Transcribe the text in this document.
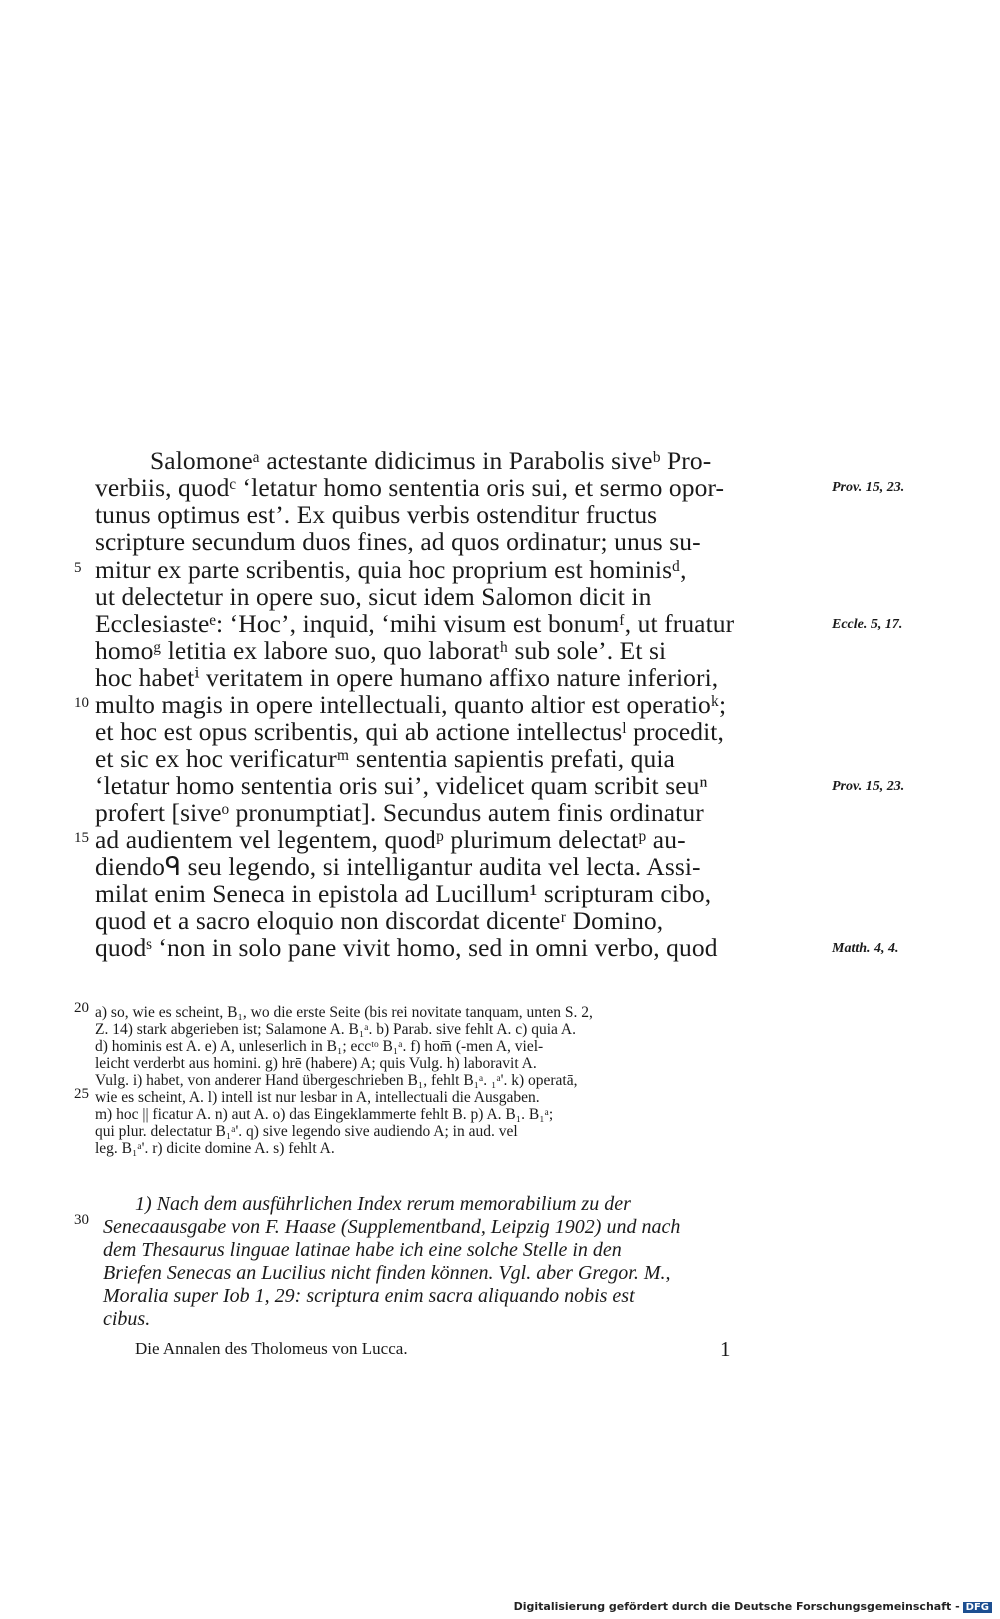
Salomoneᵃ actestante didicimus in Parabolis siveᵇ Pro-
verbiis, quodᶜ ‘letatur homo sententia oris sui, et sermo opor-
tunus optimus est’. Ex quibus verbis ostenditur fructus
scripture secundum duos fines, ad quos ordinatur; unus su-
mitur ex parte scribentis, quia hoc proprium est hominisᵈ,
ut delectetur in opere suo, sicut idem Salomon dicit in
Ecclesiasteᵉ: ‘Hoc’, inquid, ‘mihi visum est bonumᶠ, ut fruatur
homoᵍ letitia ex labore suo, quo laboratʰ sub sole’. Et si
hoc habetⁱ veritatem in opere humano affixo nature inferiori,
multo magis in opere intellectuali, quanto altior est operatioᵏ;
et hoc est opus scribentis, qui ab actione intellectusˡ procedit,
et sic ex hoc verificaturᵐ sententia sapientis prefati, quia
‘letatur homo sententia oris sui’, videlicet quam scribit seuⁿ
profert [siveᵒ pronumptiat]. Secundus autem finis ordinatur
ad audientem vel legentem, quodᵖ plurimum delectatᵖ au-
diendoᑫ seu legendo, si intelligantur audita vel lecta. Assi-
milat enim Seneca in epistola ad Lucillum¹ scripturam cibo,
quod et a sacro eloquio non discordat dicenteʳ Domino,
quodˢ ‘non in solo pane vivit homo, sed in omni verbo, quod
5
10
15
20
25
30
Prov. 15, 23.
Eccle. 5, 17.
Prov. 15, 23.
Matth. 4, 4.
a) so, wie es scheint, B₁, wo die erste Seite (bis rei novitate tanquam, unten S. 2,
Z. 14) stark abgerieben ist; Salamone A. B₁ᵃ. b) Parab. sive fehlt A. c) quia A.
d) hominis est A. e) A, unleserlich in B₁; eccᵗᵒ B₁ᵃ. f) hom̅ (-men A, viel-
leicht verderbt aus homini. g) hrē (habere) A; quis Vulg. h) laboravit A.
Vulg. i) habet, von anderer Hand übergeschrieben B₁, fehlt B₁ᵃ. ₁ᵃ'. k) operatā,
wie es scheint, A. l) intell ist nur lesbar in A, intellectuali die Ausgaben.
m) hoc || ficatur A. n) aut A. o) das Eingeklammerte fehlt B. p) A. B₁. B₁ᵃ;
qui plur. delectatur B₁ᵃ'. q) sive legendo sive audiendo A; in aud. vel
leg. B₁ᵃ'. r) dicite domine A. s) fehlt A.
1) Nach dem ausführlichen Index rerum memorabilium zu der
Senecaausgabe von F. Haase (Supplementband, Leipzig 1902) und nach
dem Thesaurus linguae latinae habe ich eine solche Stelle in den
Briefen Senecas an Lucilius nicht finden können. Vgl. aber Gregor. M.,
Moralia super Iob 1, 29: scriptura enim sacra aliquando nobis est
cibus.
Die Annalen des Tholomeus von Lucca.	1
Digitalisierung gefördert durch die Deutsche Forschungsgemeinschaft - DFG
